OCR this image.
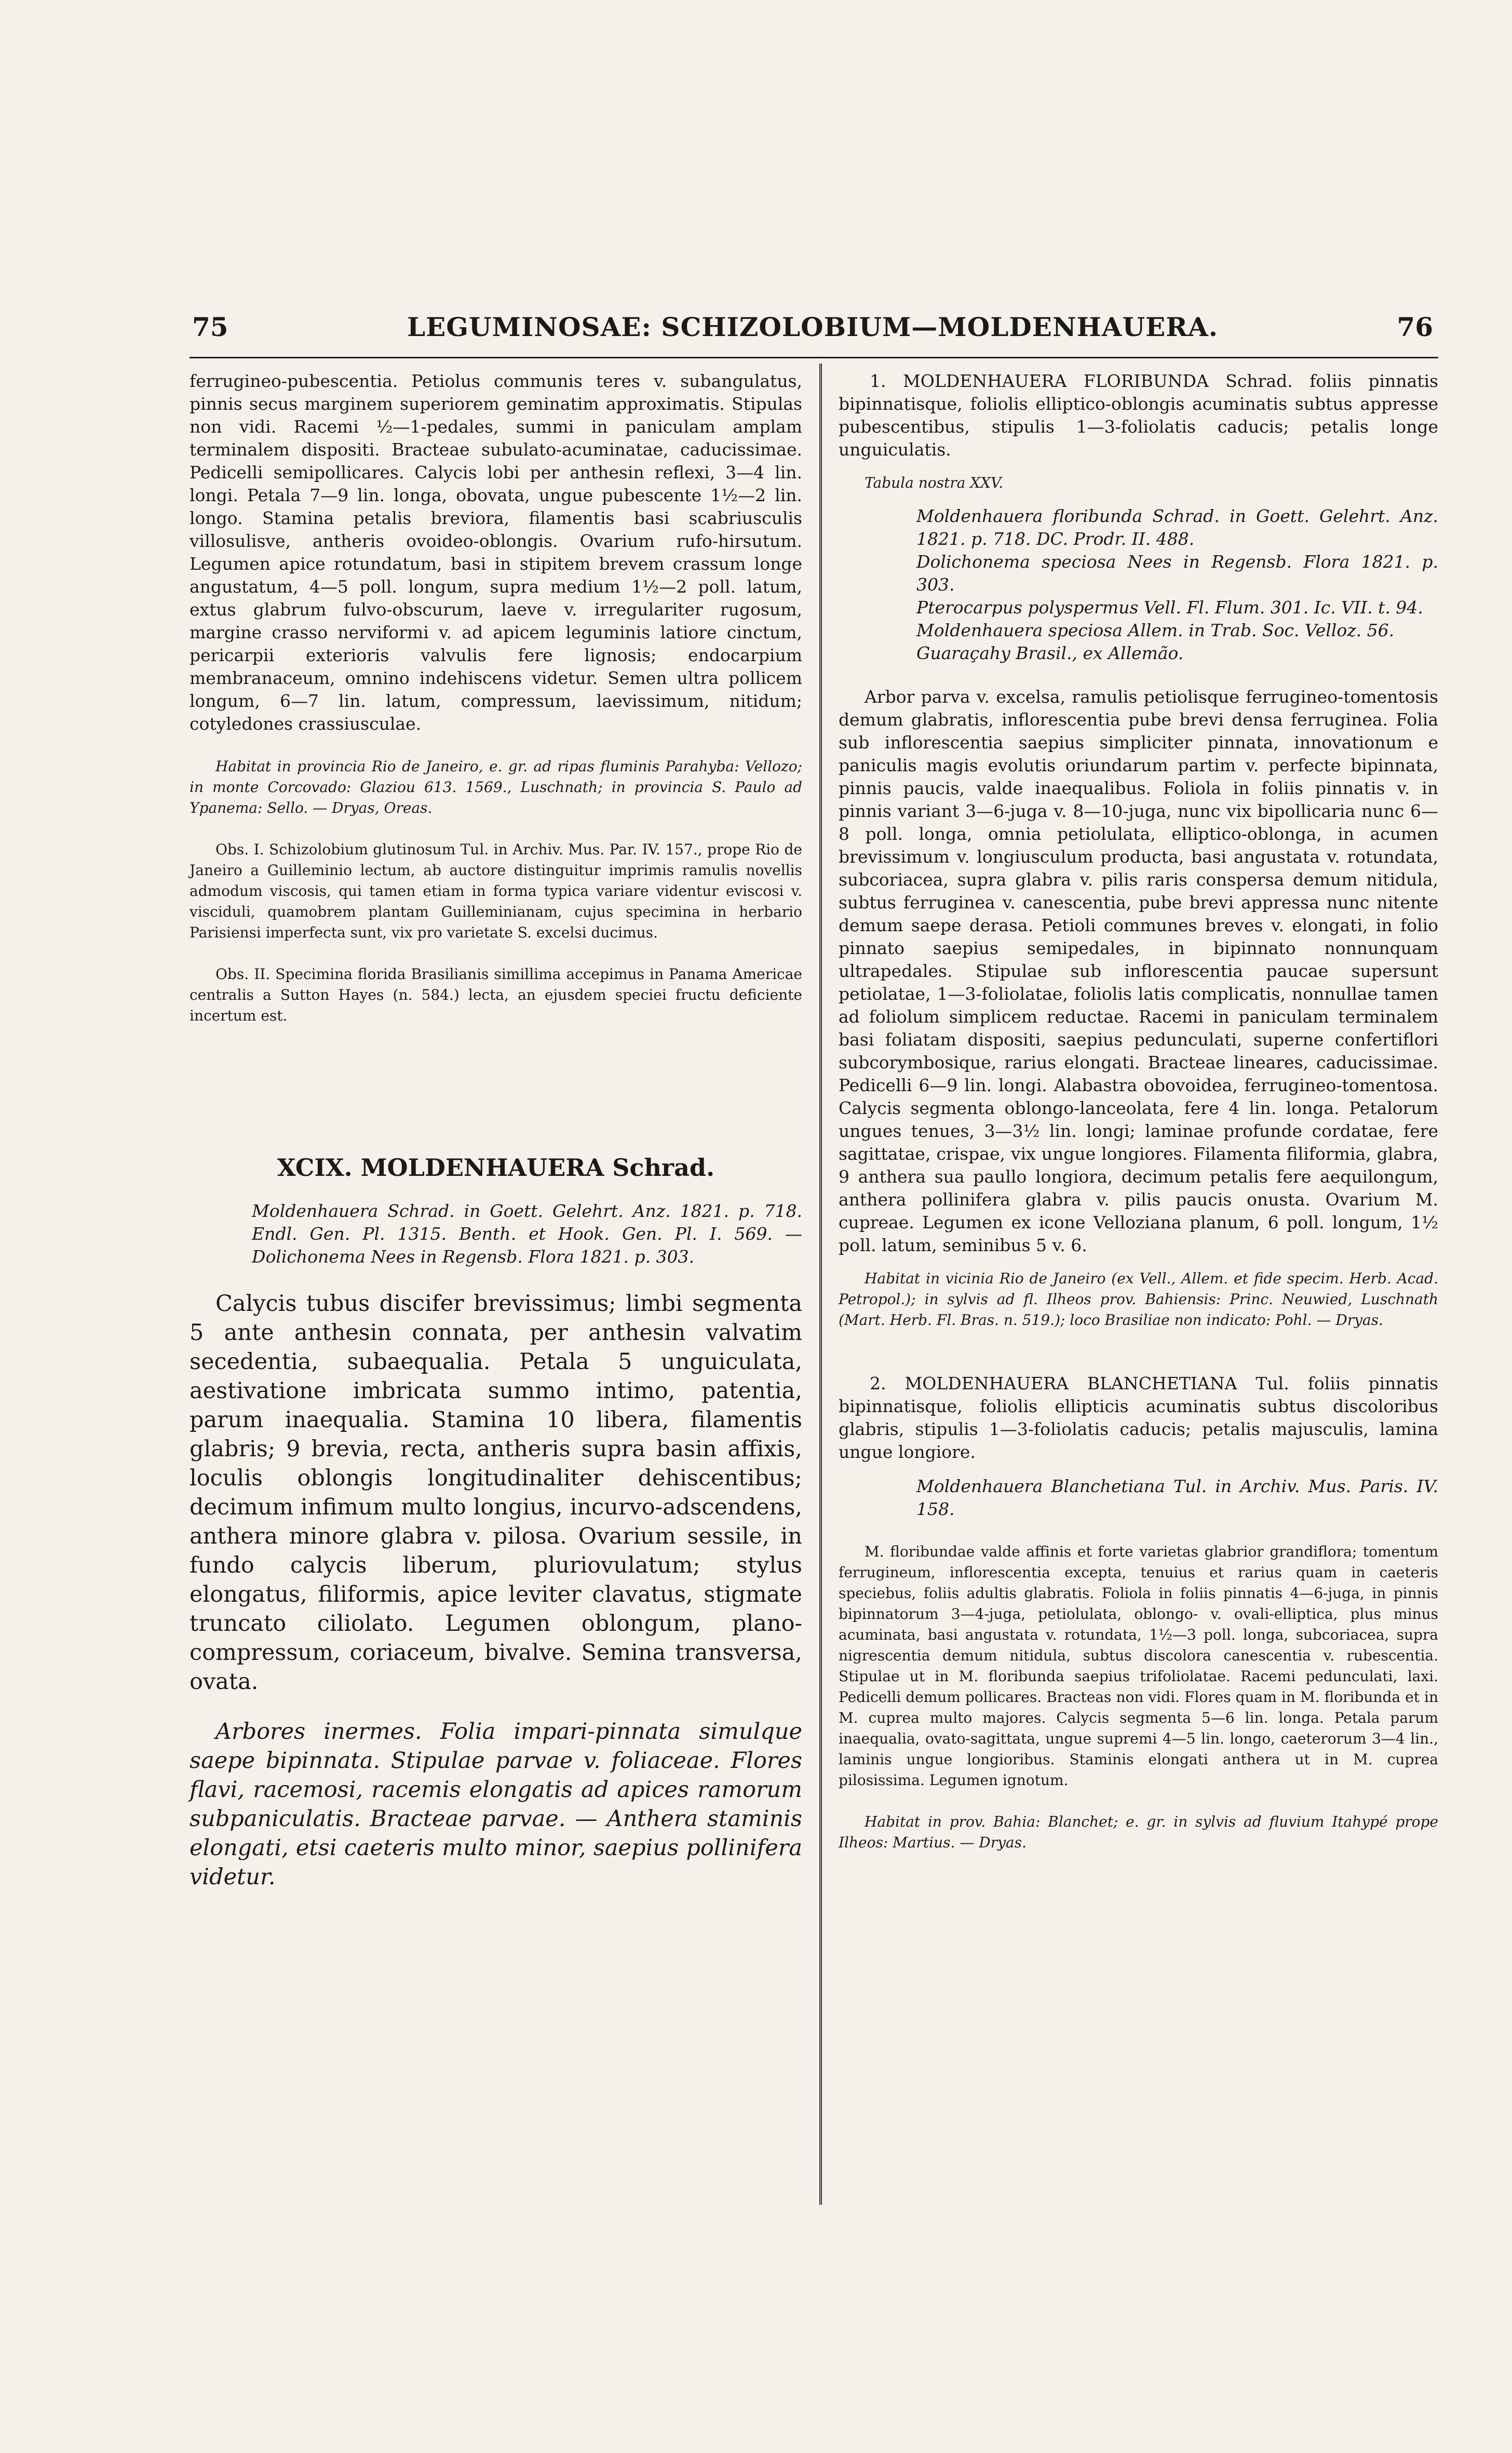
75	LEGUMINOSAE: SCHIZOLOBIUM—MOLDENHAUERA.	76

ferrugineo-pubescentia. Petiolus communis teres v. subangulatus, pinnis secus marginem superiorem geminatim approximatis. Stipulas non vidi. Racemi ½—1-pedales, summi in paniculam amplam terminalem dispositi. Bracteae subulato-acuminatae, caducissimae. Pedicelli semipollicares. Calycis lobi per anthesin reflexi, 3—4 lin. longi. Petala 7—9 lin. longa, obovata, ungue pubescente 1½—2 lin. longo. Stamina petalis breviora, filamentis basi scabriusculis villosulisve, antheris ovoideo-oblongis. Ovarium rufo-hirsutum. Legumen apice rotundatum, basi in stipitem brevem crassum longe angustatum, 4—5 poll. longum, supra medium 1½—2 poll. latum, extus glabrum fulvo-obscurum, laeve v. irregulariter rugosum, margine crasso nerviformi v. ad apicem leguminis latiore cinctum, pericarpii exterioris valvulis fere lignosis; endocarpium membranaceum, omnino indehiscens videtur. Semen ultra pollicem longum, 6—7 lin. latum, compressum, laevissimum, nitidum; cotyledones crassiusculae.

Habitat in provincia Rio de Janeiro, e. gr. ad ripas fluminis Parahyba: Vellozo; in monte Corcovado: Glaziou 613. 1569., Luschnath; in provincia S. Paulo ad Ypanema: Sello. — Dryas, Oreas.

Obs. I. Schizolobium glutinosum Tul. in Archiv. Mus. Par. IV. 157., prope Rio de Janeiro a Guilleminio lectum, ab auctore distinguitur imprimis ramulis novellis admodum viscosis, qui tamen etiam in forma typica variare videntur eviscosi v. visciduli, quamobrem plantam Guilleminianam, cujus specimina in herbario Parisiensi imperfecta sunt, vix pro varietate S. excelsi ducimus.

Obs. II. Specimina florida Brasilianis simillima accepimus in Panama Americae centralis a Sutton Hayes (n. 584.) lecta, an ejusdem speciei fructu deficiente incertum est.

XCIX. MOLDENHAUERA Schrad.

Moldenhauera Schrad. in Goett. Gelehrt. Anz. 1821. p. 718. Endl. Gen. Pl. 1315. Benth. et Hook. Gen. Pl. I. 569. — Dolichonema Nees in Regensb. Flora 1821. p. 303.

Calycis tubus discifer brevissimus; limbi segmenta 5 ante anthesin connata, per anthesin valvatim secedentia, subaequalia. Petala 5 unguiculata, aestivatione imbricata summo intimo, patentia, parum inaequalia. Stamina 10 libera, filamentis glabris; 9 brevia, recta, antheris supra basin affixis, loculis oblongis longitudinaliter dehiscentibus; decimum infimum multo longius, incurvo-adscendens, anthera minore glabra v. pilosa. Ovarium sessile, in fundo calycis liberum, pluriovulatum; stylus elongatus, filiformis, apice leviter clavatus, stigmate truncato ciliolato. Legumen oblongum, plano-compressum, coriaceum, bivalve. Semina transversa, ovata.

Arbores inermes. Folia impari-pinnata simulque saepe bipinnata. Stipulae parvae v. foliaceae. Flores flavi, racemosi, racemis elongatis ad apices ramorum subpaniculatis. Bracteae parvae. — Anthera staminis elongati, etsi caeteris multo minor, saepius pollinifera videtur.

1. MOLDENHAUERA FLORIBUNDA Schrad. foliis pinnatis bipinnatisque, foliolis elliptico-oblongis acuminatis subtus appresse pubescentibus, stipulis 1—3-foliolatis caducis; petalis longe unguiculatis.

Tabula nostra XXV.

Moldenhauera floribunda Schrad. in Goett. Gelehrt. Anz. 1821. p. 718. DC. Prodr. II. 488.

Dolichonema speciosa Nees in Regensb. Flora 1821. p. 303.

Pterocarpus polyspermus Vell. Fl. Flum. 301. Ic. VII. t. 94.

Moldenhauera speciosa Allem. in Trab. Soc. Velloz. 56.

Guaraçahy Brasil., ex Allemão.

Arbor parva v. excelsa, ramulis petiolisque ferrugineo-tomentosis demum glabratis, inflorescentia pube brevi densa ferruginea. Folia sub inflorescentia saepius simpliciter pinnata, innovationum e paniculis magis evolutis oriundarum partim v. perfecte bipinnata, pinnis paucis, valde inaequalibus. Foliola in foliis pinnatis v. in pinnis variant 3—6-juga v. 8—10-juga, nunc vix bipollicaria nunc 6—8 poll. longa, omnia petiolulata, elliptico-oblonga, in acumen brevissimum v. longiusculum producta, basi angustata v. rotundata, subcoriacea, supra glabra v. pilis raris conspersa demum nitidula, subtus ferruginea v. canescentia, pube brevi appressa nunc nitente demum saepe derasa. Petioli communes breves v. elongati, in folio pinnato saepius semipedales, in bipinnato nonnunquam ultrapedales. Stipulae sub inflorescentia paucae supersunt petiolatae, 1—3-foliolatae, foliolis latis complicatis, nonnullae tamen ad foliolum simplicem reductae. Racemi in paniculam terminalem basi foliatam dispositi, saepius pedunculati, superne confertiflori subcorymbosique, rarius elongati. Bracteae lineares, caducissimae. Pedicelli 6—9 lin. longi. Alabastra obovoidea, ferrugineo-tomentosa. Calycis segmenta oblongo-lanceolata, fere 4 lin. longa. Petalorum ungues tenues, 3—3½ lin. longi; laminae profunde cordatae, fere sagittatae, crispae, vix ungue longiores. Filamenta filiformia, glabra, 9 anthera sua paullo longiora, decimum petalis fere aequilongum, anthera pollinifera glabra v. pilis paucis onusta. Ovarium M. cupreae. Legumen ex icone Velloziana planum, 6 poll. longum, 1½ poll. latum, seminibus 5 v. 6.

Habitat in vicinia Rio de Janeiro (ex Vell., Allem. et fide specim. Herb. Acad. Petropol.); in sylvis ad fl. Ilheos prov. Bahiensis: Princ. Neuwied, Luschnath (Mart. Herb. Fl. Bras. n. 519.); loco Brasiliae non indicato: Pohl. — Dryas.

2. MOLDENHAUERA BLANCHETIANA Tul. foliis pinnatis bipinnatisque, foliolis ellipticis acuminatis subtus discoloribus glabris, stipulis 1—3-foliolatis caducis; petalis majusculis, lamina ungue longiore.

Moldenhauera Blanchetiana Tul. in Archiv. Mus. Paris. IV. 158.

M. floribundae valde affinis et forte varietas glabrior grandiflora; tomentum ferrugineum, inflorescentia excepta, tenuius et rarius quam in caeteris speciebus, foliis adultis glabratis. Foliola in foliis pinnatis 4—6-juga, in pinnis bipinnatorum 3—4-juga, petiolulata, oblongo- v. ovali-elliptica, plus minus acuminata, basi angustata v. rotundata, 1½—3 poll. longa, subcoriacea, supra nigrescentia demum nitidula, subtus discolora canescentia v. rubescentia. Stipulae ut in M. floribunda saepius trifoliolatae. Racemi pedunculati, laxi. Pedicelli demum pollicares. Bracteas non vidi. Flores quam in M. floribunda et in M. cuprea multo majores. Calycis segmenta 5—6 lin. longa. Petala parum inaequalia, ovato-sagittata, ungue supremi 4—5 lin. longo, caeterorum 3—4 lin., laminis ungue longioribus. Staminis elongati anthera ut in M. cuprea pilosissima. Legumen ignotum.

Habitat in prov. Bahia: Blanchet; e. gr. in sylvis ad fluvium Itahypé prope Ilheos: Martius. — Dryas.
